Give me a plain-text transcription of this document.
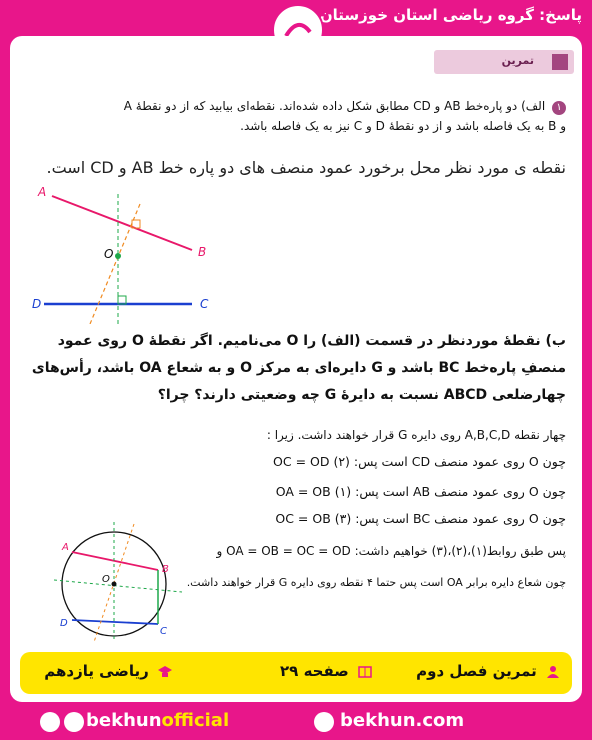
پاسخ: گروه ریاضی استان خوزستان
تمرین
۱ الف) دو پاره‌خط AB و CD مطابق شکل داده شده‌اند. نقطه‌ای بیابید که از دو نقطهٔ A
و B به یک فاصله باشد و از دو نقطهٔ D و C نیز به یک فاصله باشد.
نقطه ی مورد نظر محل برخورد عمود منصف های دو پاره خط AB و CD است.
A
B
O
D	C
ب) نقطهٔ موردنظر در قسمت (الف) را O می‌نامیم. اگر نقطهٔ O روی عمود منصفِ پاره‌خط BC باشد و G دایره‌ای به مرکز O و به شعاع OA باشد، رأس‌های چهارضلعی ABCD نسبت به دایرهٔ G چه وضعیتی دارند؟ چرا؟
چهار نقطه A,B,C,D روی دایره G قرار خواهند داشت. زیرا :
چون O روی عمود منصف CD است پس: OC = OD (۲)
چون O روی عمود منصف AB است پس: OA = OB (۱)
چون O روی عمود منصف BC است پس: OC = OB (۳)
پس طبق روابط(۱)،(۲)،(۳) خواهیم داشت: OA = OB = OC = OD و
چون شعاع دایره برابر OA است پس حتما ۴ نقطه روی دایره G قرار خواهند داشت.
A
B
O
C
D
تمرین فصل دوم
صفحه ۲۹
ریاضی یازدهم
bekhunofficial	bekhun.com
